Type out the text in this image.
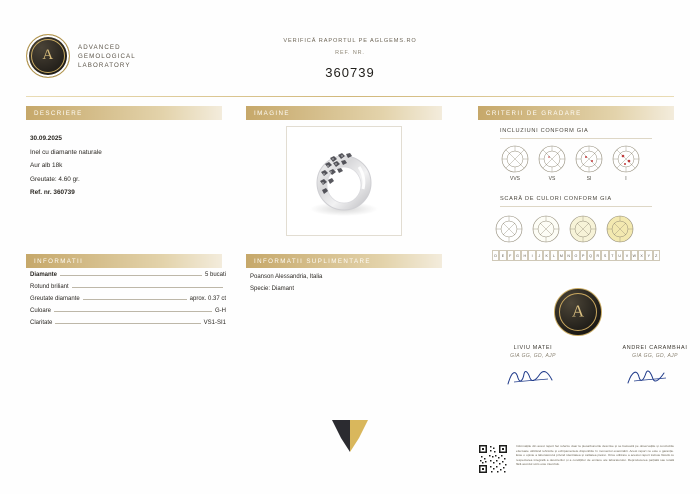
A
ADVANCED
GEMOLOGICAL
LABORATORY
VERIFICĂ RAPORTUL PE AGLGEMS.RO
REF. NR.
360739
DESCRIERE
30.09.2025
Inel cu diamante naturale
Aur alb 18k
Greutate: 4.60 gr.
Ref. nr. 360739
INFORMATII
Diamante	5 bucati
Rotund briliant
Greutate diamante	aprox. 0.37 ct
Culoare	G-H
Claritate	VS1-SI1
IMAGINE
INFORMATII SUPLIMENTARE
Poanson Alessandria, Italia
Specie: Diamant
CRITERII DE GRADARE
INCLUZIUNI CONFORM GIA
VVS	VS	SI	I
SCARĂ DE CULORI CONFORM GIA
D	E	F	G	H	I	J	K	L	M	N	O	P	Q	R	S	T	U	V	W	X	Y	Z
A
LIVIU MATEI
GIA GG, GD, AJP
ANDREI CARAMBHAI
GIA GG, GD, AJP
Informațiile din acest raport fac referire doar la piesa/bunurile descrise și se bazează pe observațiile și concluziile efectuate utilizând tehnicile și echipamentele disponibile în momentul examinării. Acest raport nu este o garanție. Este o opinie a laboratorului privind identitatea și calitatea pietrei. Orice utilizare a acestui raport trebuie făcută cu respectarea integrală a descrierilor și a condițiilor de emitere ale laboratorului. Reproducerea parțială sau totală fără acordul scris este interzisă.
